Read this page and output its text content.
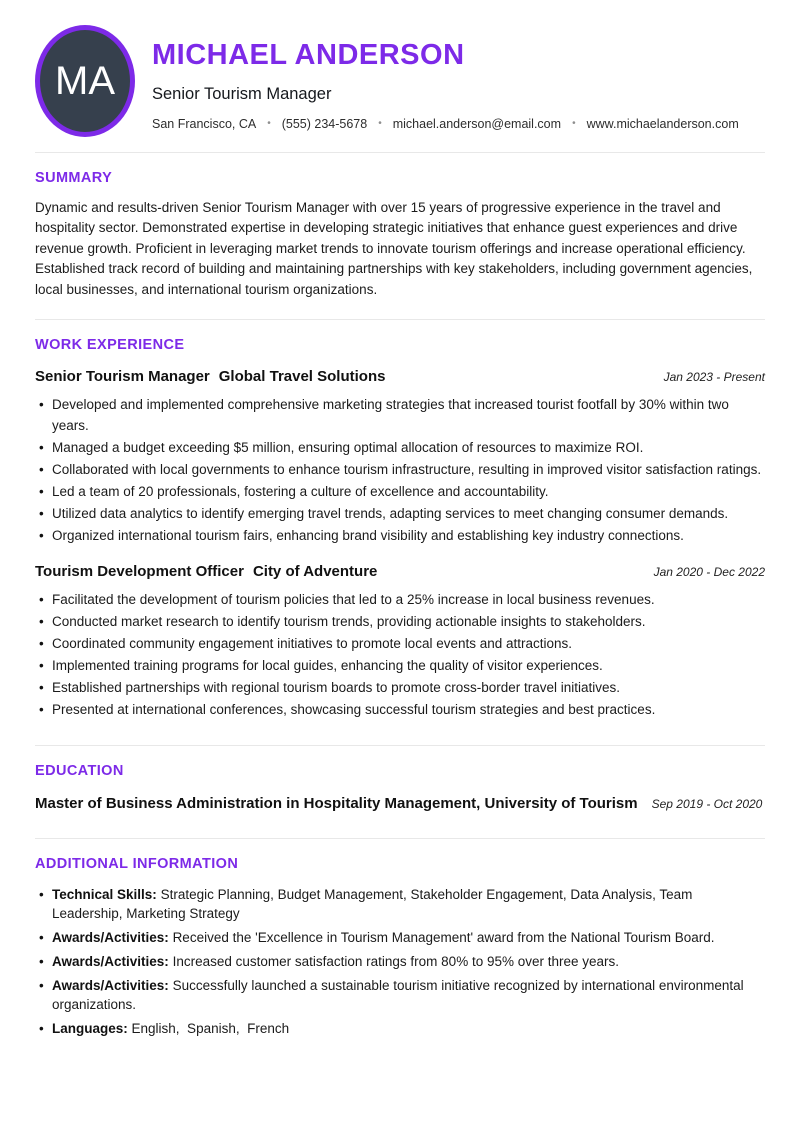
MA
MICHAEL ANDERSON
Senior Tourism Manager
San Francisco, CA • (555) 234-5678 • michael.anderson@email.com • www.michaelanderson.com
SUMMARY

Dynamic and results-driven Senior Tourism Manager with over 15 years of progressive experience in the travel and hospitality sector. Demonstrated expertise in developing strategic initiatives that enhance guest experiences and drive revenue growth. Proficient in leveraging market trends to innovate tourism offerings and increase operational efficiency. Established track record of building and maintaining partnerships with key stakeholders, including government agencies, local businesses, and international tourism organizations.

WORK EXPERIENCE
Senior Tourism Manager Global Travel Solutions	Jan 2023 - Present
• Developed and implemented comprehensive marketing strategies that increased tourist footfall by 30% within two years.
• Managed a budget exceeding $5 million, ensuring optimal allocation of resources to maximize ROI.
• Collaborated with local governments to enhance tourism infrastructure, resulting in improved visitor satisfaction ratings.
• Led a team of 20 professionals, fostering a culture of excellence and accountability.
• Utilized data analytics to identify emerging travel trends, adapting services to meet changing consumer demands.
• Organized international tourism fairs, enhancing brand visibility and establishing key industry connections.
Tourism Development Officer City of Adventure	Jan 2020 - Dec 2022
• Facilitated the development of tourism policies that led to a 25% increase in local business revenues.
• Conducted market research to identify tourism trends, providing actionable insights to stakeholders.
• Coordinated community engagement initiatives to promote local events and attractions.
• Implemented training programs for local guides, enhancing the quality of visitor experiences.
• Established partnerships with regional tourism boards to promote cross-border travel initiatives.
• Presented at international conferences, showcasing successful tourism strategies and best practices.
EDUCATION
Master of Business Administration in Hospitality Management, University of Tourism Sep 2019 - Oct 2020
ADDITIONAL INFORMATION
• Technical Skills: Strategic Planning, Budget Management, Stakeholder Engagement, Data Analysis, Team Leadership, Marketing Strategy
• Awards/Activities: Received the 'Excellence in Tourism Management' award from the National Tourism Board.
• Awards/Activities: Increased customer satisfaction ratings from 80% to 95% over three years.
• Awards/Activities: Successfully launched a sustainable tourism initiative recognized by international environmental organizations.
• Languages: English,  Spanish,  French
